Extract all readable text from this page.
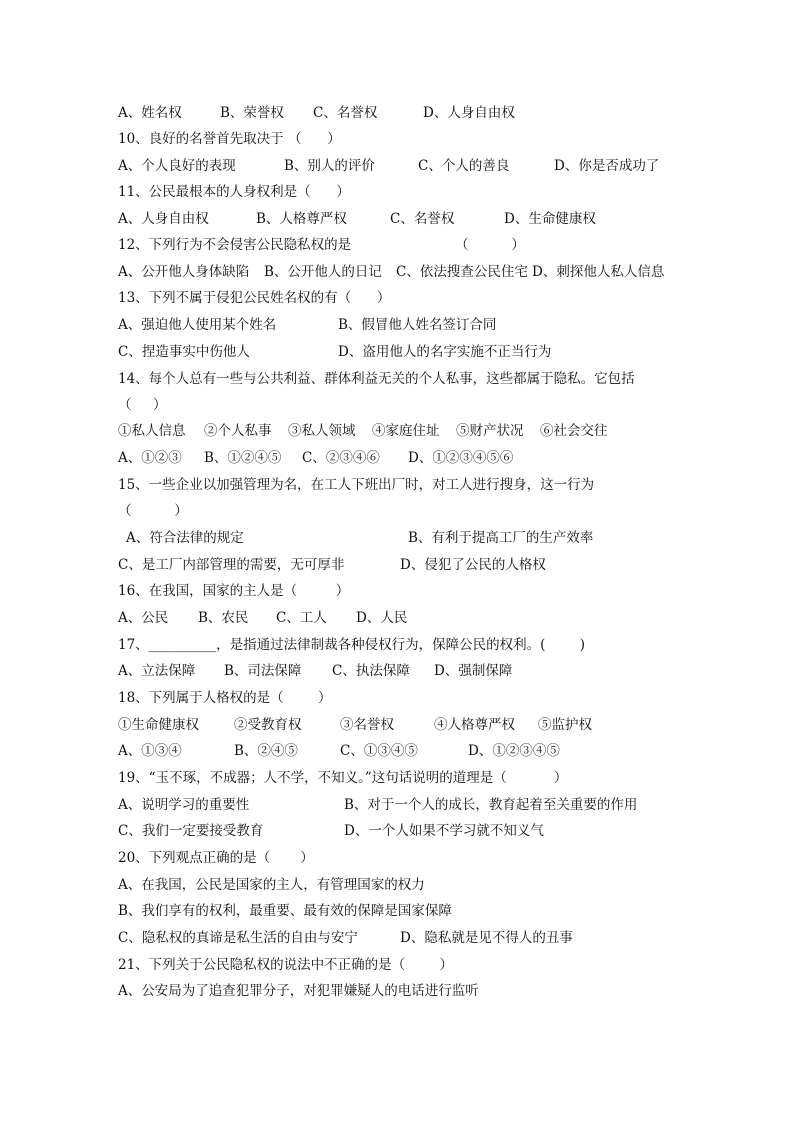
A、姓名权	B、荣誉权 C、名誉权	D、人身自由权
10、良好的名誉首先取决于 （      ）
A、个人良好的表现	B、别人的评价	C、个人的善良	D、你是否成功了
11、公民最根本的人身权利是（      ）
A、人身自由权	B、人格尊严权	C、名誉权	D、生命健康权
12、下列行为不会侵害公民隐私权的是	（          ）
A、公开他人身体缺陷 B、公开他人的日记 C、依法搜查公民住宅 D、刺探他人私人信息
13、下列不属于侵犯公民姓名权的有（      ）
A、强迫他人使用某个姓名	B、假冒他人姓名签订合同
C、捏造事实中伤他人	D、盗用他人的名字实施不正当行为
14、每个人总有一些与公共利益、群体利益无关的个人私事，这些都属于隐私。它包括
（     ）
①私人信息 ②个人私事 ③私人领域 ④家庭住址 ⑤财产状况 ⑥社会交往
A、①②③ B、①②④⑤ C、②③④⑥ D、①②③④⑤⑥
15、一些企业以加强管理为名，在工人下班出厂时，对工人进行搜身，这一行为
（          ）
A、符合法律的规定	B、有利于提高工厂的生产效率
C、是工厂内部管理的需要，无可厚非	D、侵犯了公民的人格权
16、在我国，国家的主人是（         ）
A、公民 B、农民 C、工人 D、人民
17、__________，是指通过法律制裁各种侵权行为，保障公民的权利。(        )
A、立法保障 B、司法保障 C、执法保障 D、强制保障
18、下列属于人格权的是（        ）
①生命健康权	②受教育权	③名誉权	④人格尊严权 ⑤监护权
A、①③④	B、②④⑤	C、①③④⑤	D、①②③④⑤
19、“玉不琢，不成器；人不学，不知义。”这句话说明的道理是（           ）
A、说明学习的重要性	B、对于一个人的成长，教育起着至关重要的作用
C、我们一定要接受教育	D、一个人如果不学习就不知义气
20、下列观点正确的是（       ）
A、在我国，公民是国家的主人，有管理国家的权力
B、我们享有的权利，最重要、最有效的保障是国家保障
C、隐私权的真谛是私生活的自由与安宁	D、隐私就是见不得人的丑事
21、下列关于公民隐私权的说法中不正确的是（        ）
A、公安局为了追查犯罪分子，对犯罪嫌疑人的电话进行监听
